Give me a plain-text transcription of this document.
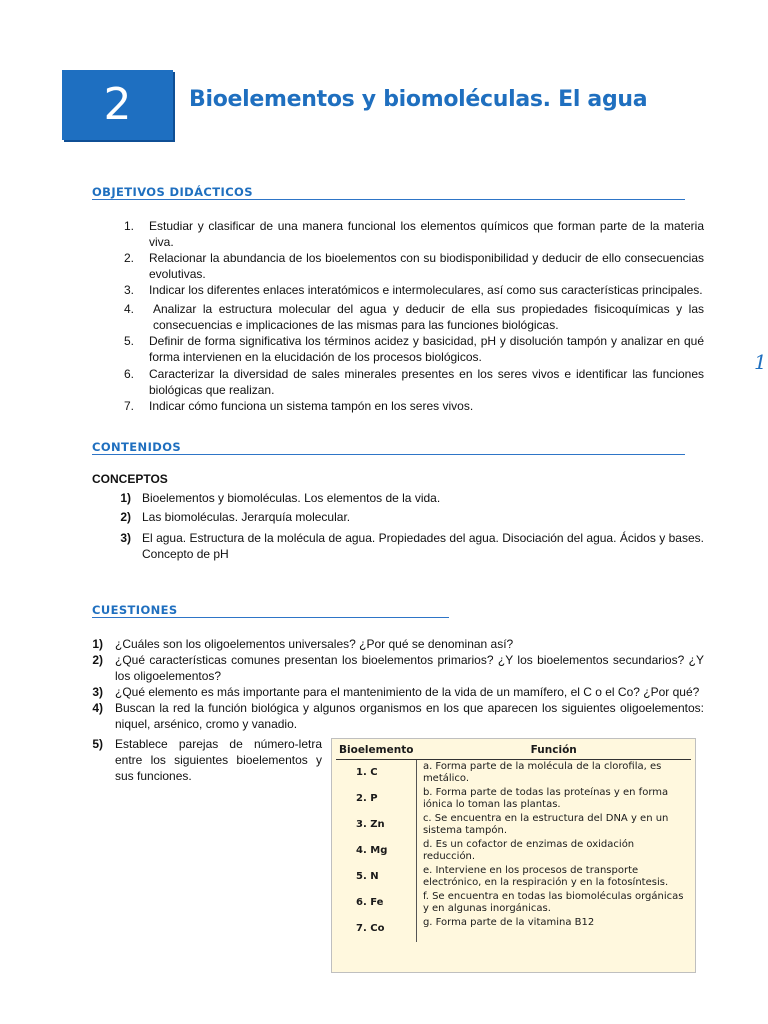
2	Bioelementos y biomoléculas. El agua
OBJETIVOS DIDÁCTICOS
1. Estudiar y clasificar de una manera funcional los elementos químicos que forman parte de la materia viva.
2. Relacionar la abundancia de los bioelementos con su biodisponibilidad y deducir de ello consecuencias evolutivas.
3. Indicar los diferentes enlaces interatómicos e intermoleculares, así como sus características principales.
4. Analizar la estructura molecular del agua y deducir de ella sus propiedades fisicoquímicas y las consecuencias e implicaciones de las mismas para las funciones biológicas.
5. Definir de forma significativa los términos acidez y basicidad, pH y disolución tampón y analizar en qué forma intervienen en la elucidación de los procesos biológicos.
6. Caracterizar la diversidad de sales minerales presentes en los seres vivos e identificar las funciones biológicas que realizan.
7. Indicar cómo funciona un sistema tampón en los seres vivos.
1
CONTENIDOS
CONCEPTOS
1) Bioelementos y biomoléculas. Los elementos de la vida.
2) Las biomoléculas. Jerarquía molecular.
3) El agua. Estructura de la molécula de agua. Propiedades del agua. Disociación del agua. Ácidos y bases. Concepto de pH
CUESTIONES
1) ¿Cuáles son los oligoelementos universales? ¿Por qué se denominan así?
2) ¿Qué características comunes presentan los bioelementos primarios? ¿Y los bioelementos secundarios? ¿Y los oligoelementos?
3) ¿Qué elemento es más importante para el mantenimiento de la vida de un mamífero, el C o el Co? ¿Por qué?
4) Buscan la red la función biológica y algunos organismos en los que aparecen los siguientes oligoelementos: niquel, arsénico, cromo y vanadio.
5) Establece parejas de número-letra entre los siguientes bioelementos y sus funciones.
Bioelemento	Función
1. C	a. Forma parte de la molécula de la clorofila, es metálico.
2. P	b. Forma parte de todas las proteínas y en forma iónica lo toman las plantas.
3. Zn	c. Se encuentra en la estructura del DNA y en un sistema tampón.
4. Mg	d. Es un cofactor de enzimas de oxidación reducción.
5. N	e. Interviene en los procesos de transporte electrónico, en la respiración y en la fotosíntesis.
6. Fe	f. Se encuentra en todas las biomoléculas orgánicas y en algunas inorgánicas.
7. Co	g. Forma parte de la vitamina B12
